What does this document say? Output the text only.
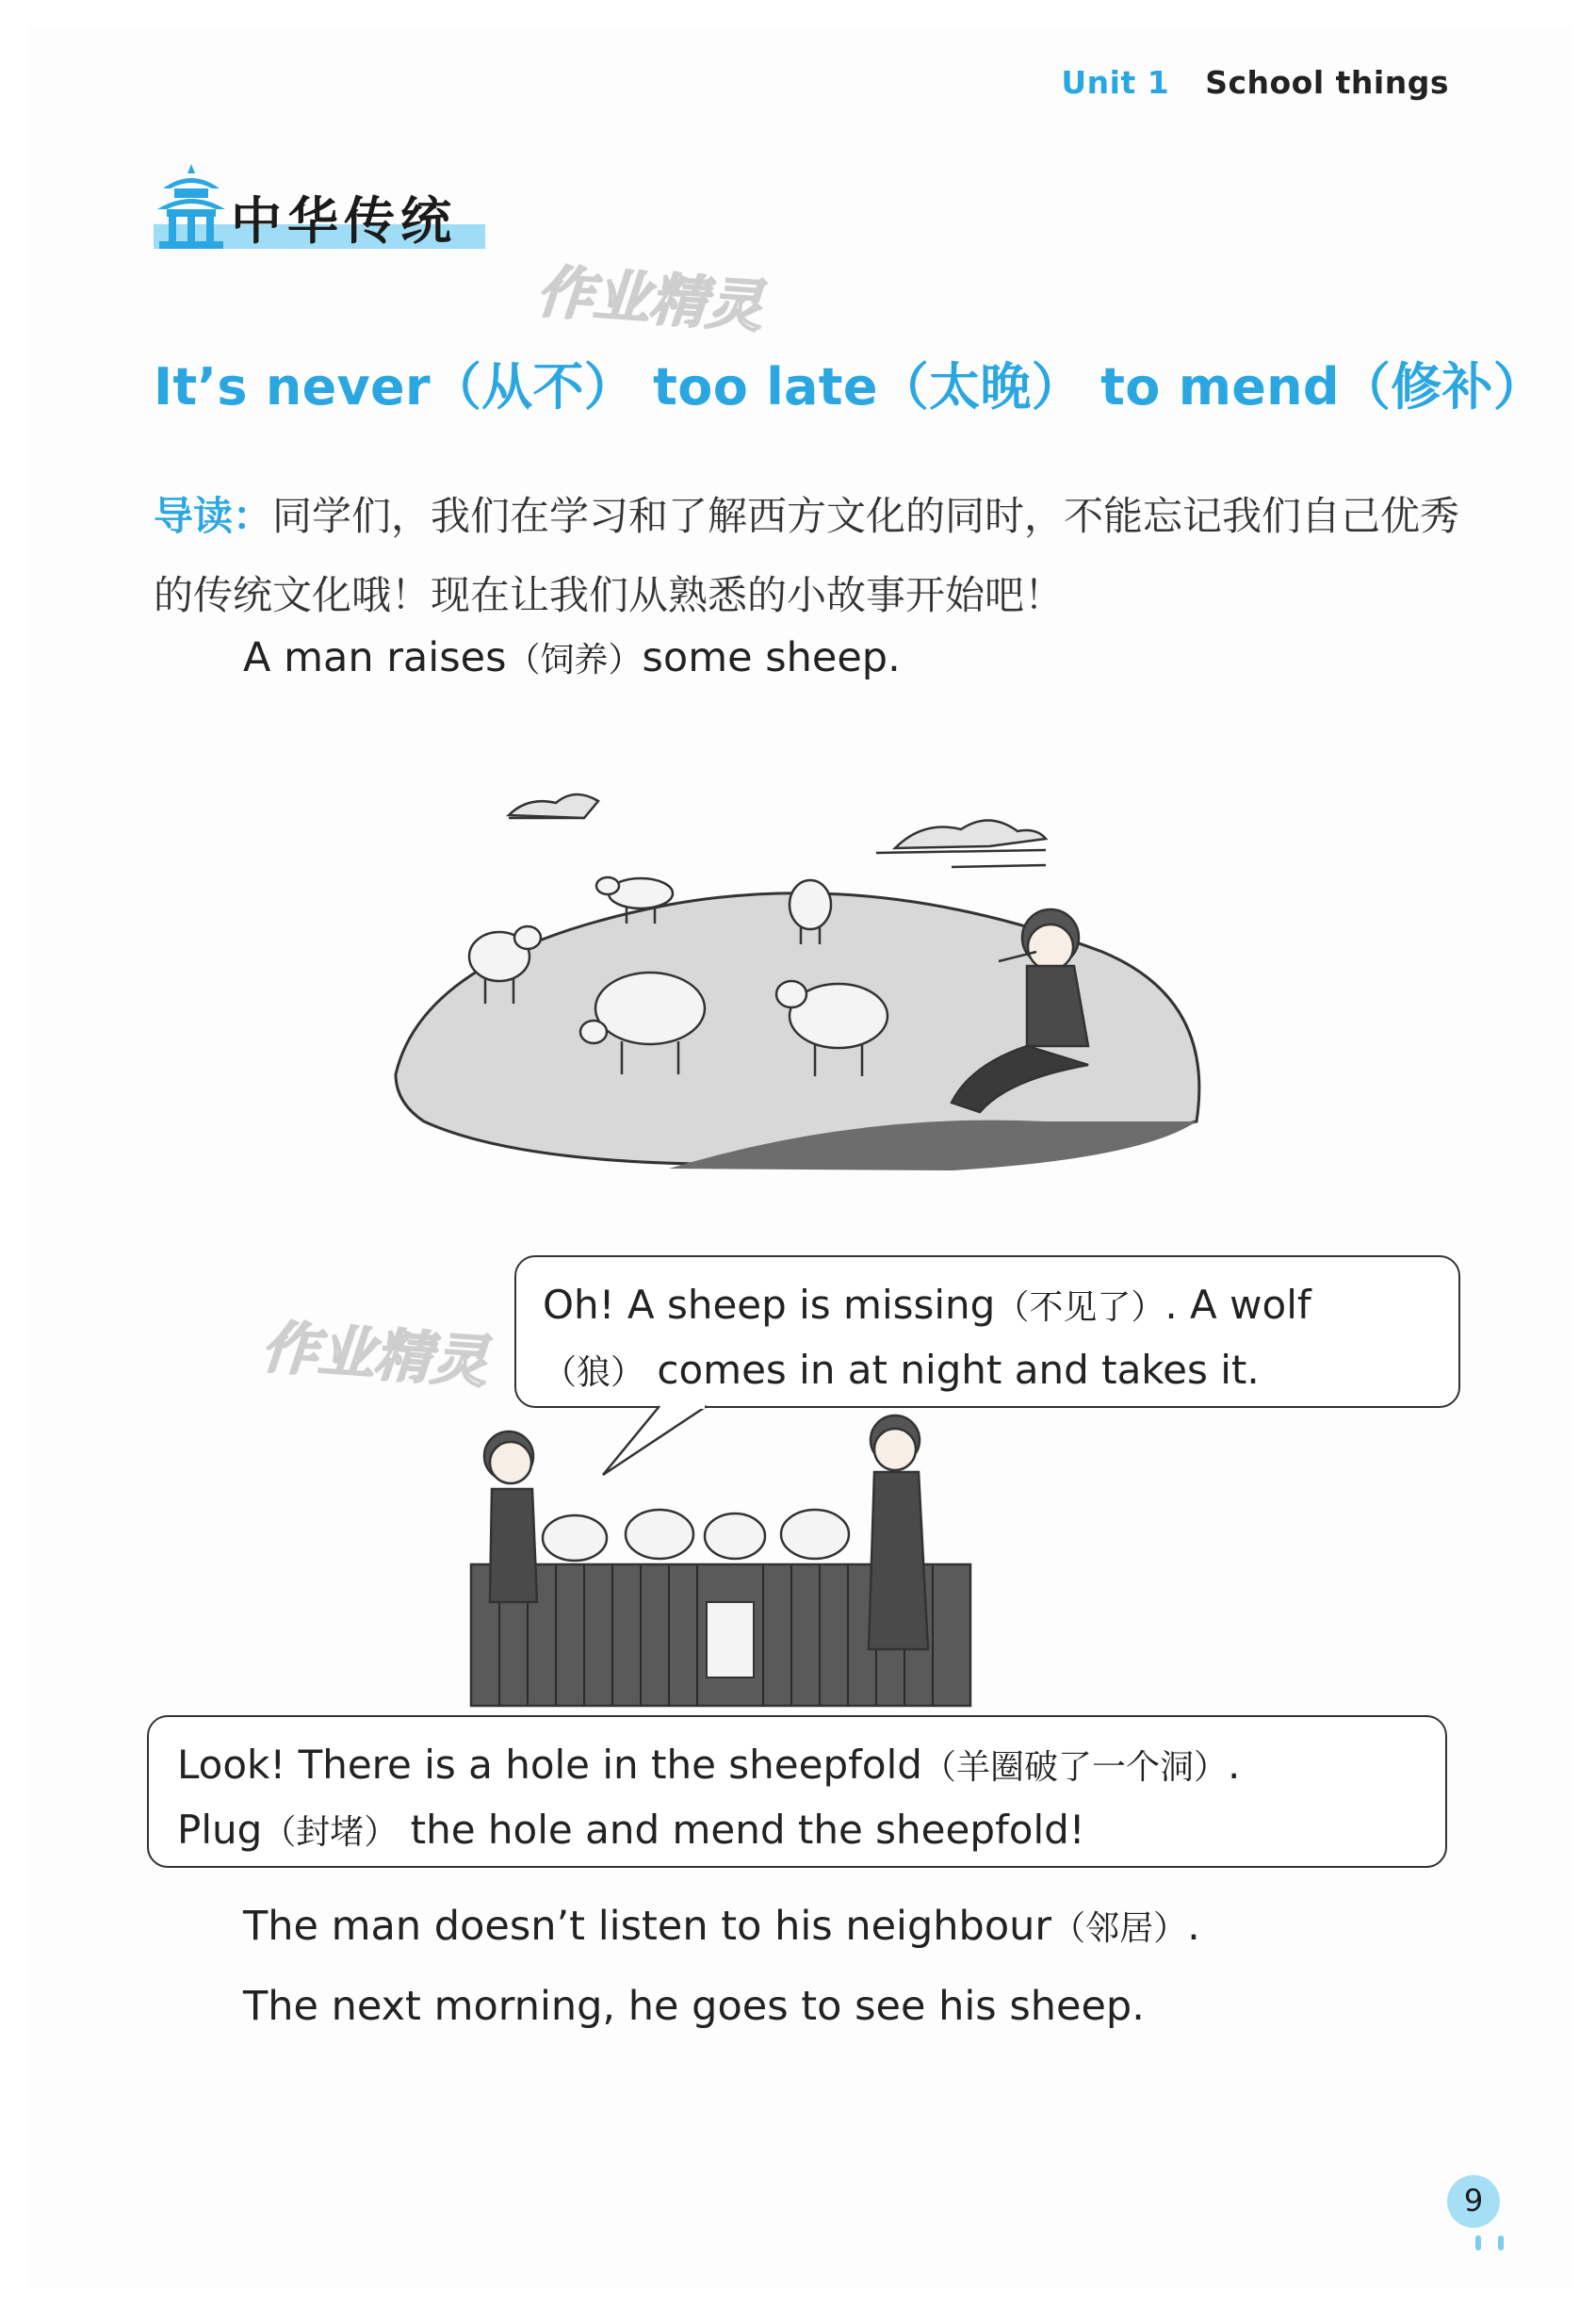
Unit 1 School things
中华传统
作业精灵
It’s never（从不） too late（太晚） to mend（修补）
导读：同学们，我们在学习和了解西方文化的同时，不能忘记我们自己优秀的传统文化哦！现在让我们从熟悉的小故事开始吧！
A man raises（饲养）some sheep.
Oh! A sheep is missing（不见了）. A wolf
（狼） comes in at night and takes it.
作业精灵
Look! There is a hole in the sheepfold（羊圈破了一个洞）.
Plug（封堵） the hole and mend the sheepfold!
The man doesn’t listen to his neighbour（邻居）.
The next morning, he goes to see his sheep.
9
